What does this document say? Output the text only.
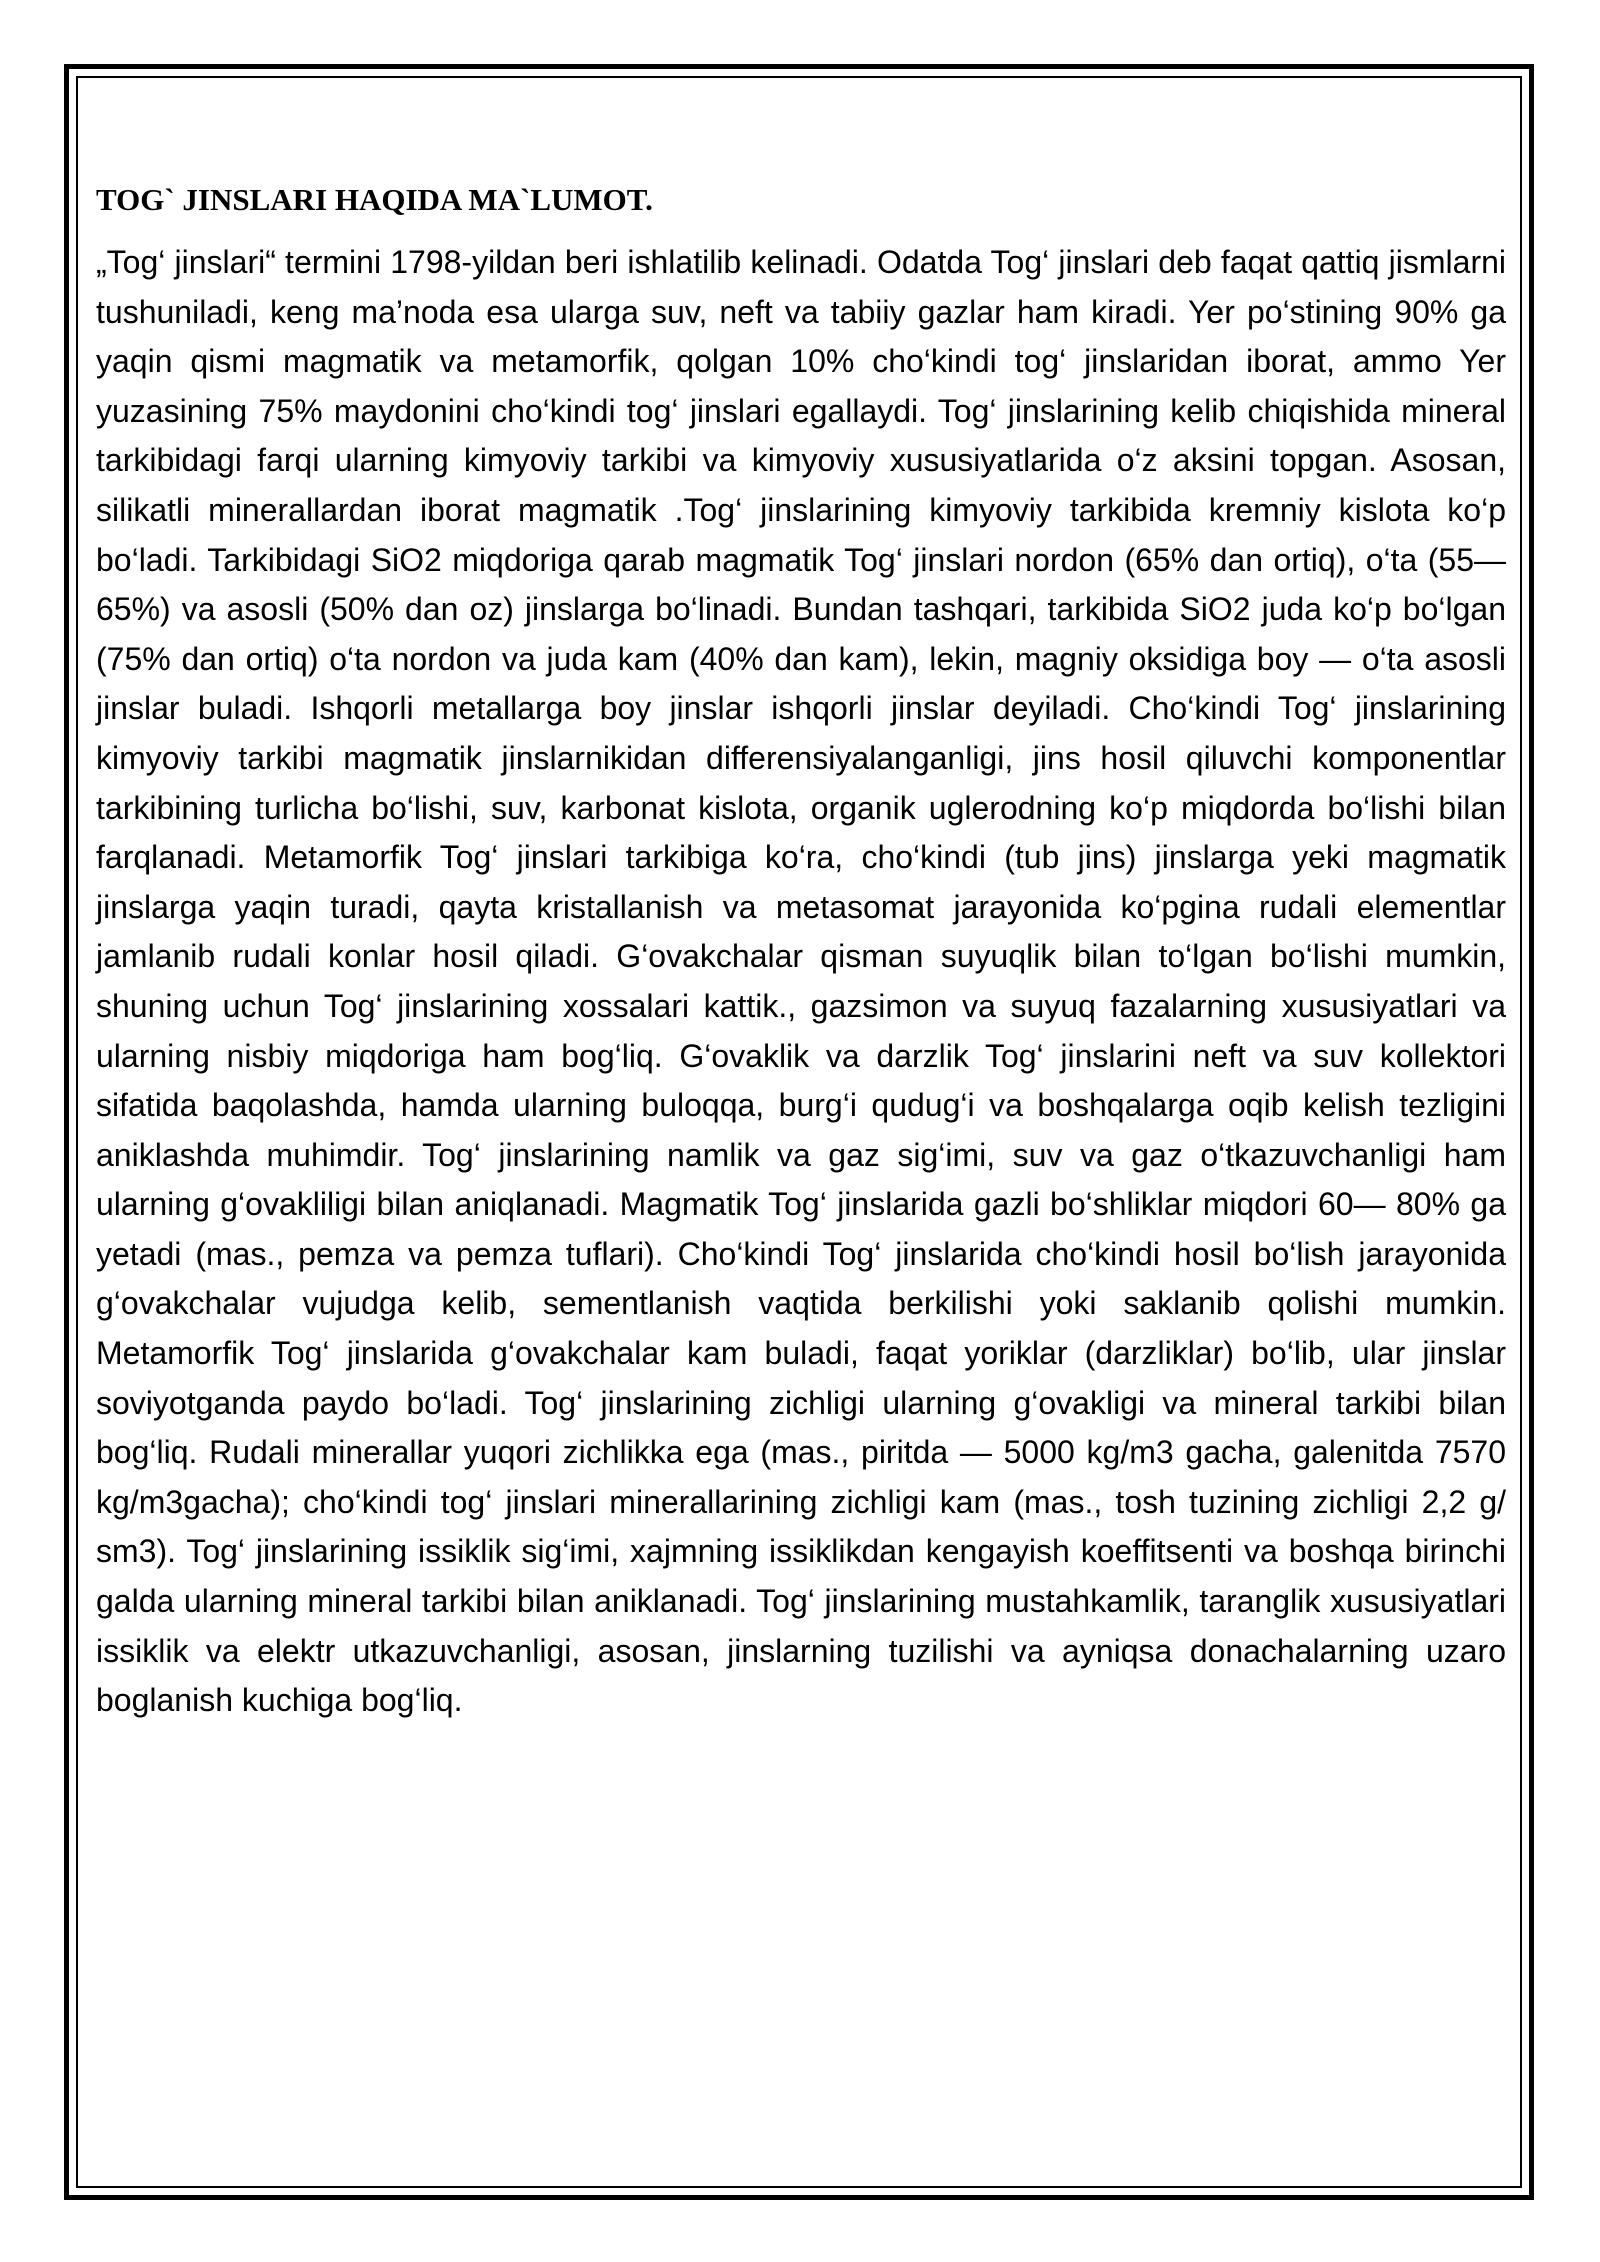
TOG` JINSLARI HAQIDA MA`LUMOT.

„Tog‘ jinslari“ termini 1798-yildan beri ishlatilib kelinadi. Odatda Tog‘ jinslari deb faqat qattiq jismlarni tushuniladi, keng ma’noda esa ularga suv, neft va tabiiy gazlar ham kiradi. Yer po‘stining 90% ga yaqin qismi magmatik va metamorfik, qolgan 10% cho‘kindi tog‘ jinslaridan iborat, ammo Yer yuzasining 75% maydonini cho‘kindi tog‘ jinslari egallaydi. Tog‘ jinslarining kelib chiqishida mineral tarkibidagi farqi ularning kimyoviy tarkibi va kimyoviy xususiyatlarida o‘z aksini topgan. Asosan, silikatli minerallardan iborat magmatik .Tog‘ jinslarining kimyoviy tarkibida kremniy kislota ko‘p bo‘ladi. Tarkibidagi SiO2 miqdoriga qarab magmatik Tog‘ jinslari nordon (65% dan ortiq), o‘ta (55—65%) va asosli (50% dan oz) jinslarga bo‘linadi. Bundan tashqari, tarkibida SiO2 juda ko‘p bo‘lgan (75% dan ortiq) o‘ta nordon va juda kam (40% dan kam), lekin, magniy oksidiga boy — o‘ta asosli jinslar buladi. Ishqorli metallarga boy jinslar ishqorli jinslar deyiladi. Cho‘kindi Tog‘ jinslarining kimyoviy tarkibi magmatik jinslarnikidan differensiyalanganligi, jins hosil qiluvchi komponentlar tarkibining turlicha bo‘lishi, suv, karbonat kislota, organik uglerodning ko‘p miqdorda bo‘lishi bilan farqlanadi. Metamorfik Tog‘ jinslari tarkibiga ko‘ra, cho‘kindi (tub jins) jinslarga yeki magmatik jinslarga yaqin turadi, qayta kristallanish va metasomat jarayonida ko‘pgina rudali elementlar jamlanib rudali konlar hosil qiladi. G‘ovakchalar qisman suyuqlik bilan to‘lgan bo‘lishi mumkin, shuning uchun Tog‘ jinslarining xossalari kattik., gazsimon va suyuq fazalarning xususiyatlari va ularning nisbiy miqdoriga ham bog‘liq. G‘ovaklik va darzlik Tog‘ jinslarini neft va suv kollektori sifatida baqolashda, hamda ularning buloqqa, burg‘i qudug‘i va boshqalarga oqib kelish tezligini aniklashda muhimdir. Tog‘ jinslarining namlik va gaz sig‘imi, suv va gaz o‘tkazuvchanligi ham ularning g‘ovakliligi bilan aniqlanadi. Magmatik Tog‘ jinslarida gazli bo‘shliklar miqdori 60— 80% ga yetadi (mas., pemza va pemza tuflari). Cho‘kindi Tog‘ jinslarida cho‘kindi hosil bo‘lish jarayonida g‘ovakchalar vujudga kelib, sementlanish vaqtida berkilishi yoki saklanib qolishi mumkin. Metamorfik Tog‘ jinslarida g‘ovakchalar kam buladi, faqat yoriklar (darzliklar) bo‘lib, ular jinslar soviyotganda paydo bo‘ladi. Tog‘ jinslarining zichligi ularning g‘ovakligi va mineral tarkibi bilan bog‘liq. Rudali minerallar yuqori zichlikka ega (mas., piritda — 5000 kg/m3 gacha, galenitda 7570 kg/m3gacha); cho‘kindi tog‘ jinslari minerallarining zichligi kam (mas., tosh tuzining zichligi 2,2 g/ sm3). Tog‘ jinslarining issiklik sig‘imi, xajmning issiklikdan kengayish koeffitsenti va boshqa birinchi galda ularning mineral tarkibi bilan aniklanadi. Tog‘ jinslarining mustahkamlik, taranglik xususiyatlari issiklik va elektr utkazuvchanligi, asosan, jinslarning tuzilishi va ayniqsa donachalarning uzaro boglanish kuchiga bog‘liq.
